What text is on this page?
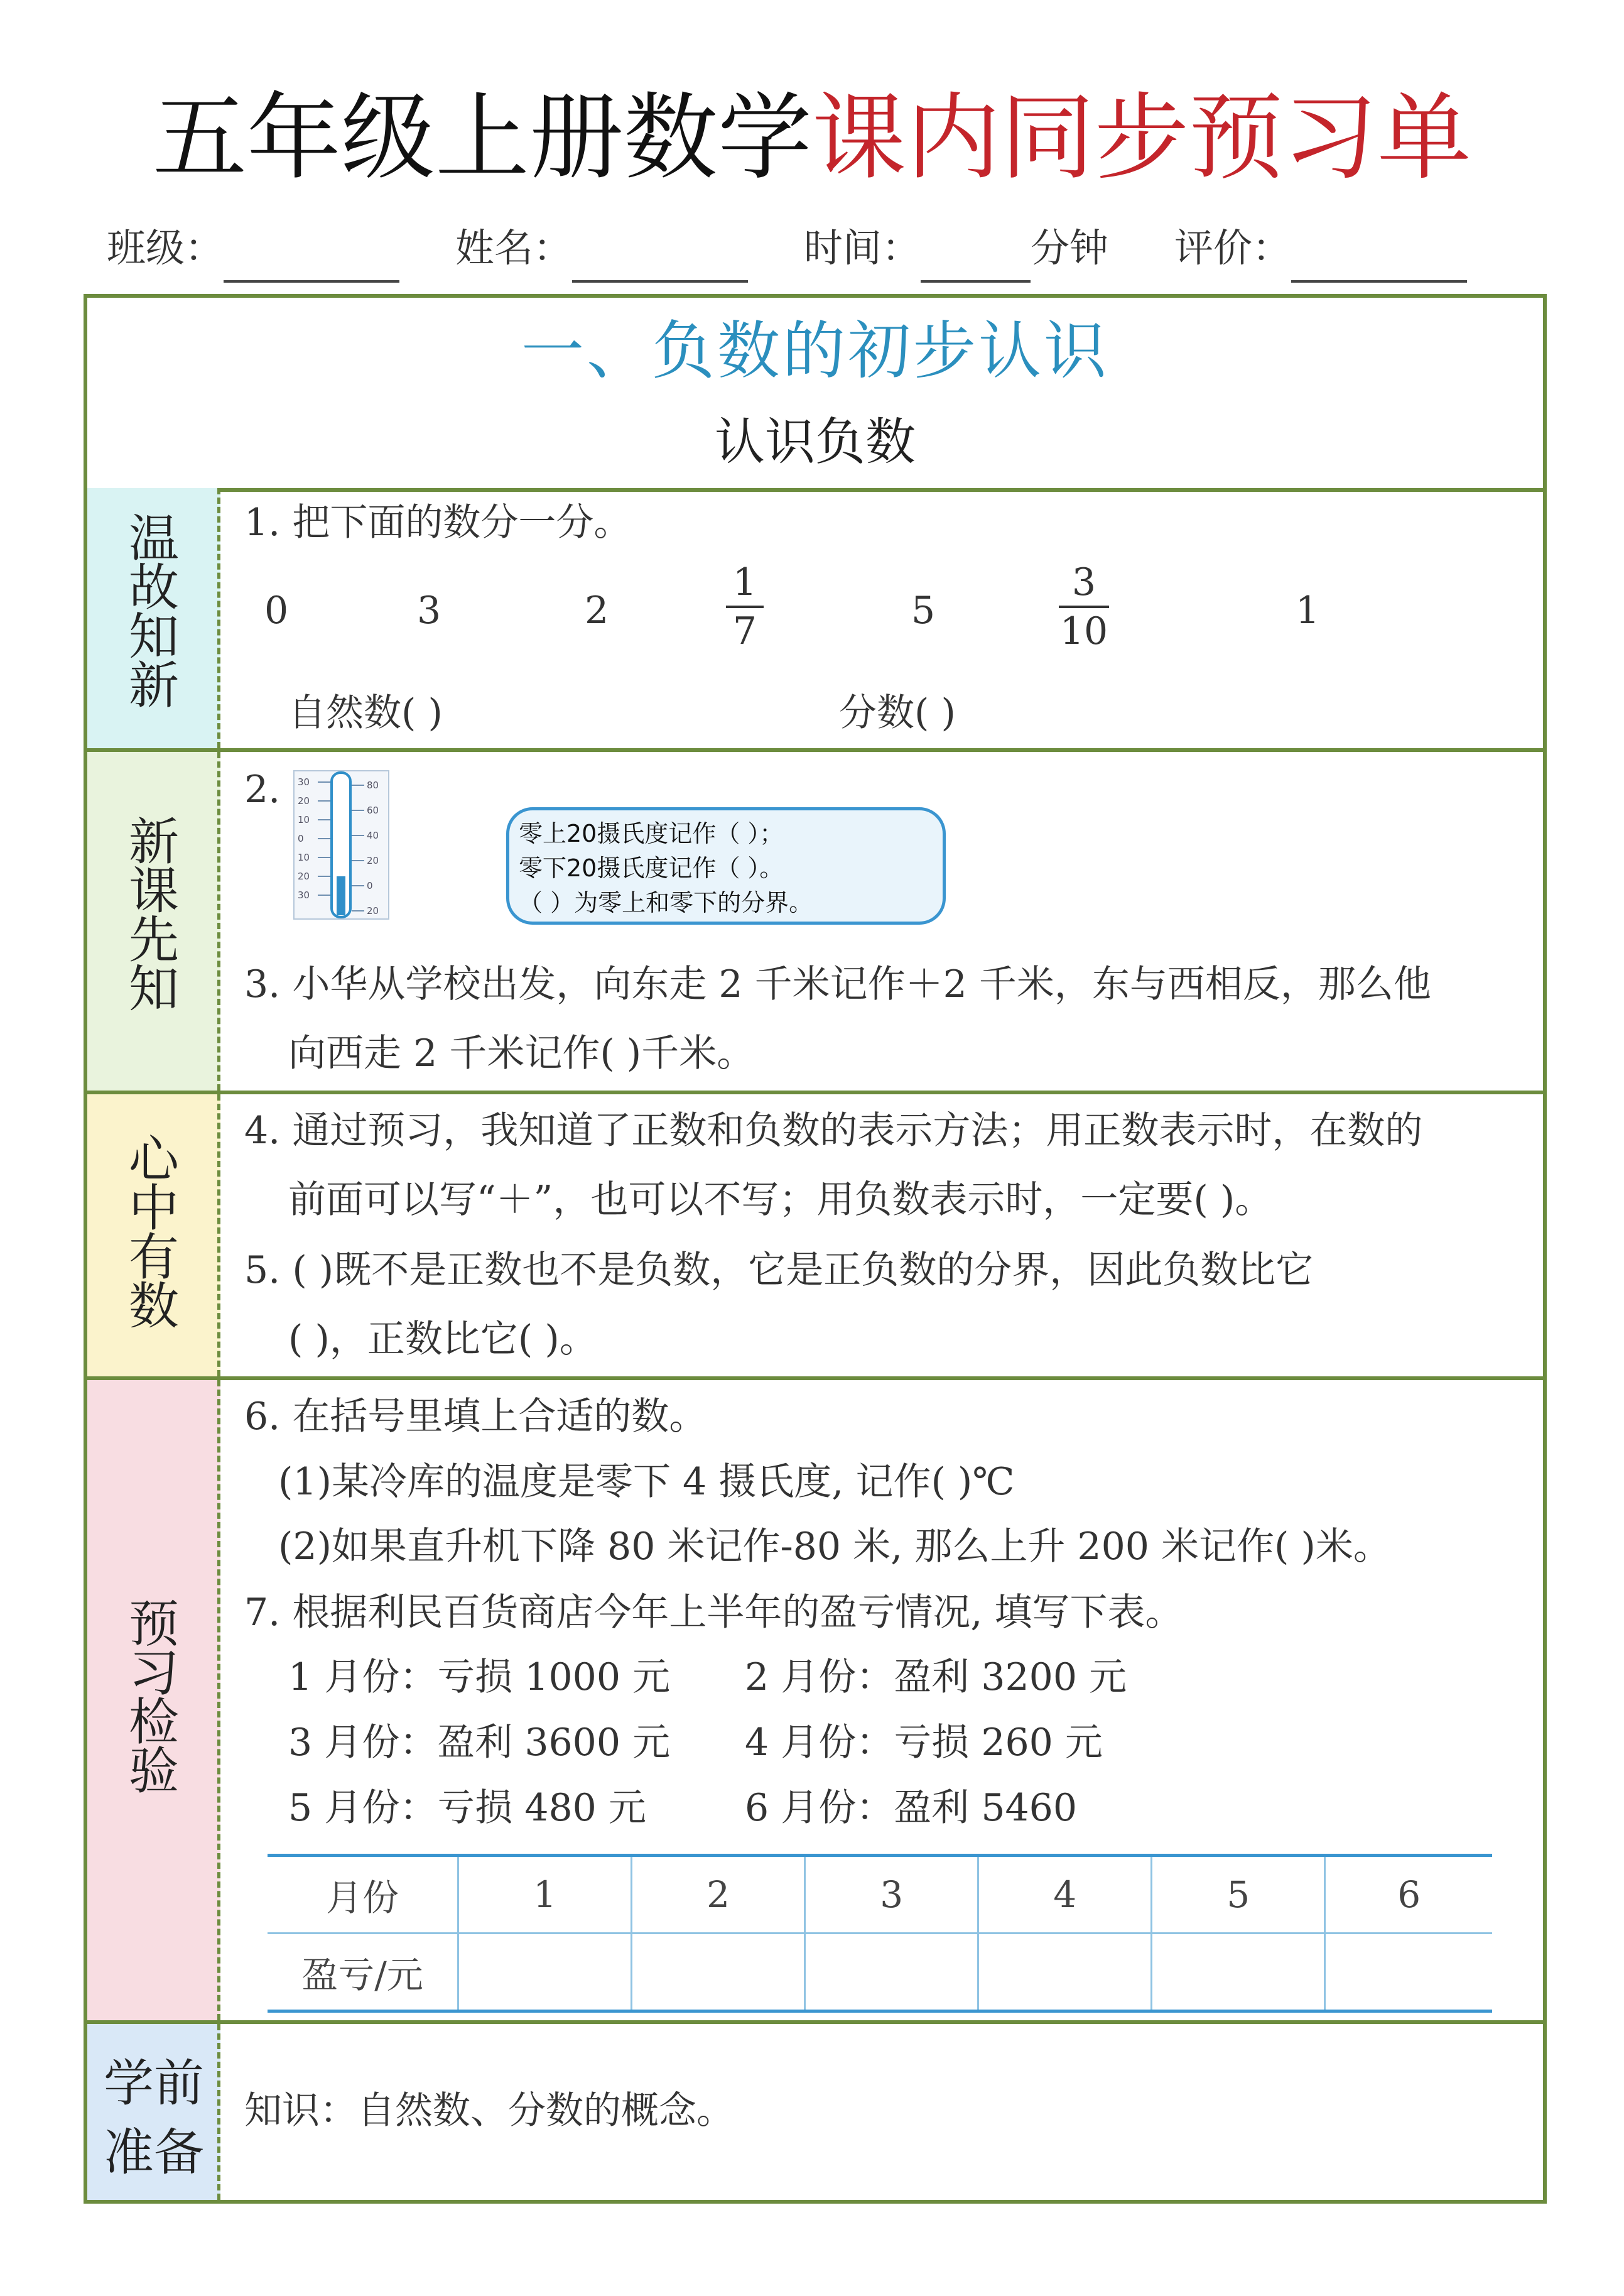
五年级上册数学课内同步预习单
班级：	姓名：	时间：	分钟 评价：
一、负数的初步认识
认识负数
温
故
知
新
1. 把下面的数分一分。
0	3	2
1
7	5
3
10	1
自然数( )	分数( )
新
课
先
知
2. 30
20
10
0
10
20
30
80
60
40
20
0
20
零上20摄氏度记作（ ）；
零下20摄氏度记作（ ）。
（ ）为零上和零下的分界。
3. 小华从学校出发，向东走 2 千米记作＋2 千米，东与西相反，那么他
向西走 2 千米记作( )千米。
心
中
有
数
4. 通过预习，我知道了正数和负数的表示方法；用正数表示时，在数的
前面可以写“＋”，也可以不写；用负数表示时，一定要( )。
5. ( )既不是正数也不是负数，它是正负数的分界，因此负数比它
( )，正数比它( )。
预
习
检
验
6. 在括号里填上合适的数。
(1)某冷库的温度是零下 4 摄氏度, 记作( )℃
(2)如果直升机下降 80 米记作-80 米, 那么上升 200 米记作( )米。
7. 根据利民百货商店今年上半年的盈亏情况, 填写下表。
1 月份：亏损 1000 元 2 月份：盈利 3200 元
3 月份：盈利 3600 元 4 月份：亏损 260 元
5 月份：亏损 480 元	6 月份：盈利 5460
月份	1	2	3	4	5	6
盈亏/元						
学前
准备
知识：自然数、分数的概念。
